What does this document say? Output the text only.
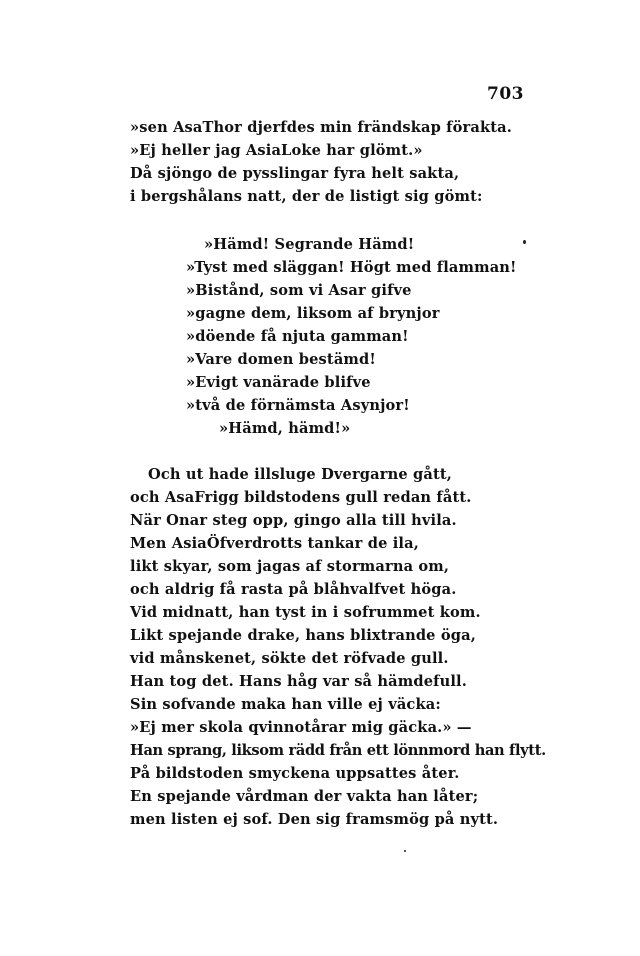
703
»sen AsaThor djerfdes min frändskap förakta.
»Ej heller jag AsiaLoke har glömt.»
Då sjöngo de pysslingar fyra helt sakta,
i bergshålans natt, der de listigt sig gömt:
»Hämd! Segrande Hämd!
»Tyst med släggan! Högt med flamman!
»Bistånd, som vi Asar gifve
»gagne dem, liksom af brynjor
»döende få njuta gamman!
»Vare domen bestämd!
»Evigt vanärade blifve
»två de förnämsta Asynjor!
»Hämd, hämd!»
Och ut hade illsluge Dvergarne gått,
och AsaFrigg bildstodens gull redan fått.
När Onar steg opp, gingo alla till hvila.
Men AsiaÖfverdrotts tankar de ila,
likt skyar, som jagas af stormarna om,
och aldrig få rasta på blåhvalfvet höga.
Vid midnatt, han tyst in i sofrummet kom.
Likt spejande drake, hans blixtrande öga,
vid månskenet, sökte det röfvade gull.
Han tog det. Hans håg var så hämdefull.
Sin sofvande maka han ville ej väcka:
»Ej mer skola qvinnotårar mig gäcka.» —
Han sprang, liksom rädd från ett lönnmord han flytt.
På bildstoden smyckena uppsattes åter.
En spejande vårdman der vakta han låter;
men listen ej sof. Den sig framsmög på nytt.
